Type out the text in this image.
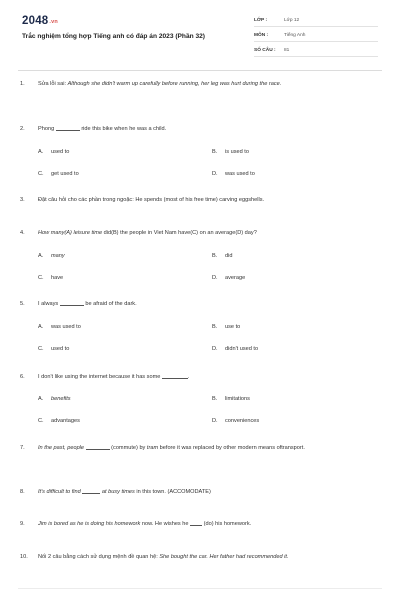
2048.vn
Trắc nghiệm tổng hợp Tiếng anh có đáp án 2023 (Phần 32)
LỚP :	Lớp 12
MÔN :	Tiếng Anh
SỐ CÂU : 81
1. Sửa lỗi sai: Although she didn't warm up carefully before running, her leg was hurt during the race.
2. Phong	ride this bike when he was a child.
A. used to	B. is used to
C. get used to	D. was used to
3. Đặt câu hỏi cho các phần trong ngoặc: He spends (most of his free time) carving eggshells.
4. How many(A) leisure time did(B) the people in Viet Nam have(C) on an average(D) day?
A. many	B. did
C. have	D. average
5. I always	be afraid of the dark.
A. was used to	B. use to
C. used to	D. didn't used to
6. I don't like using the internet because it has some	.
A. benefits	B. limitations
C. advantages	D. conveniences
7. In the past, people	(commute) by tram before it was replaced by other modern means oftransport.
8. It's difficult to find	at busy times in this town. (ACCOMODATE)
9. Jim is bored as he is doing his homework now. He wishes he	(do) his homework.
10. Nối 2 câu bằng cách sử dụng mệnh đề quan hệ: She bought the car. Her father had recommended it.
